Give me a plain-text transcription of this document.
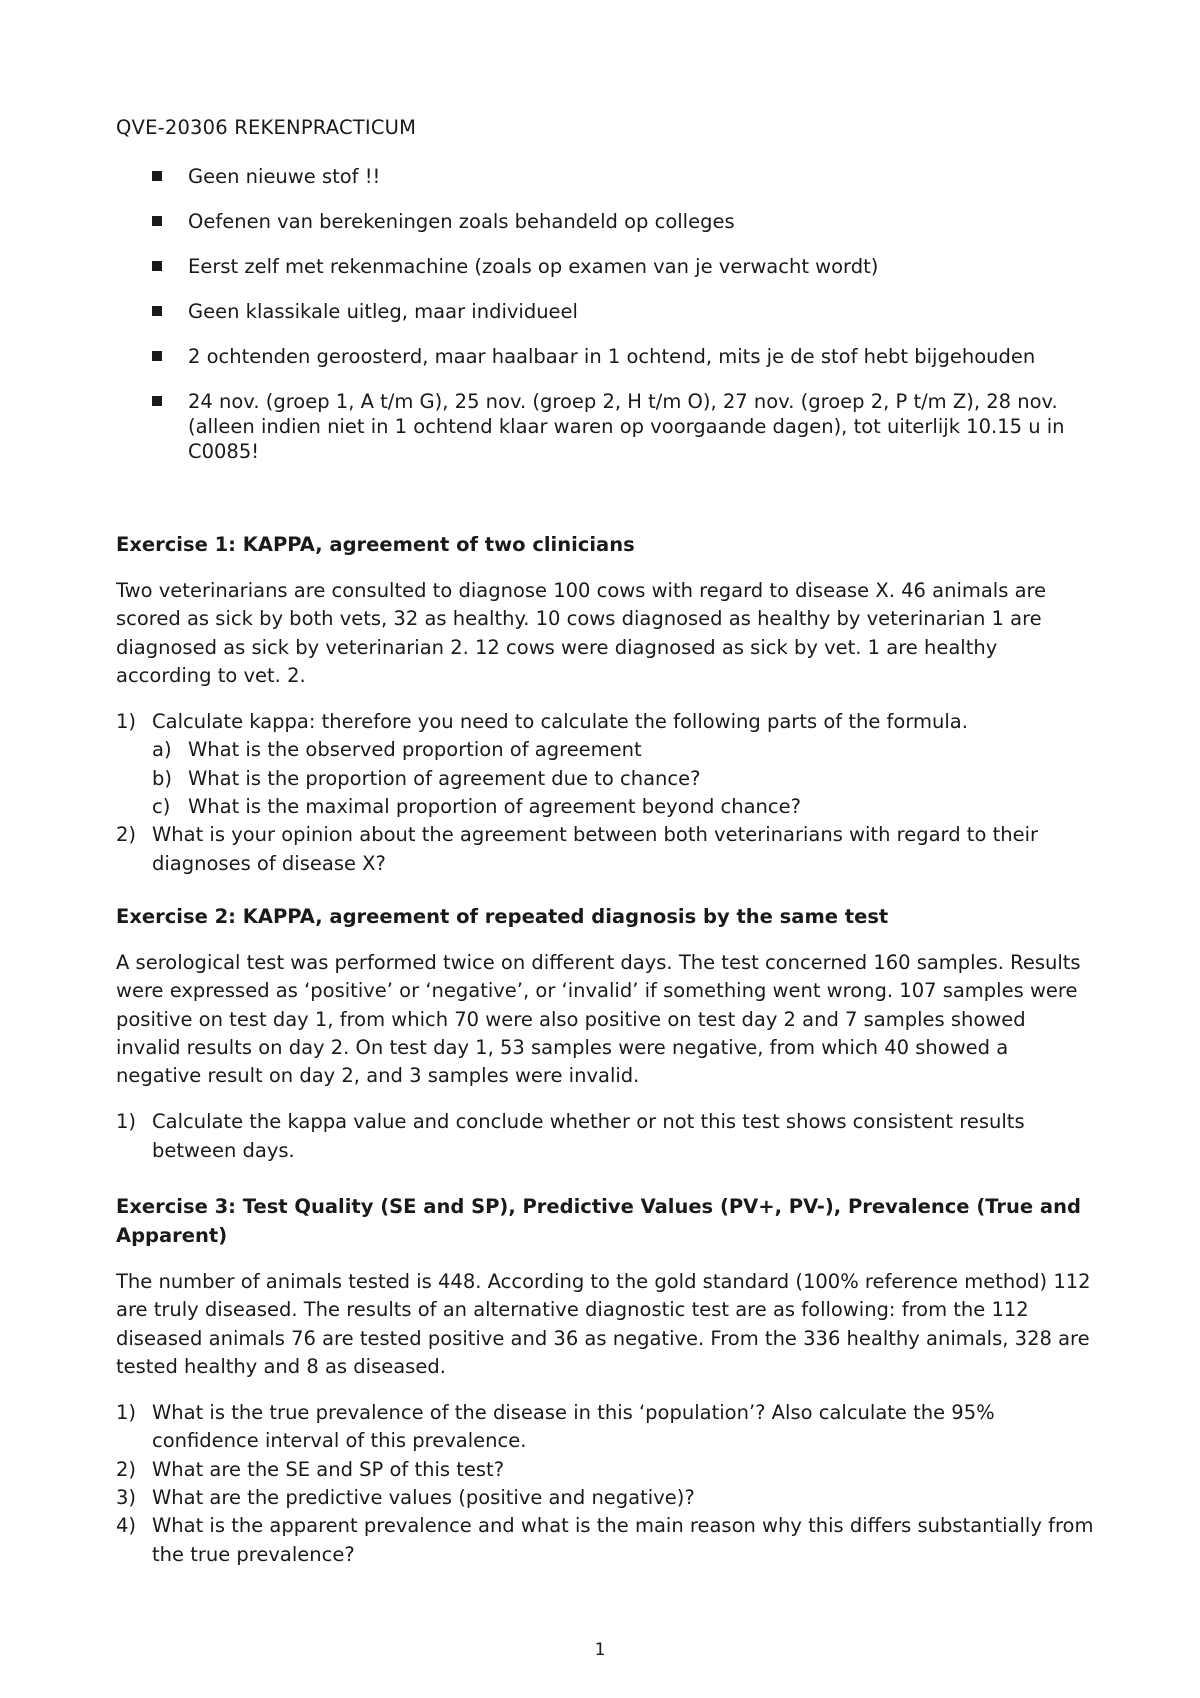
QVE-20306 REKENPRACTICUM
Geen nieuwe stof !!
Oefenen van berekeningen zoals behandeld op colleges
Eerst zelf met rekenmachine (zoals op examen van je verwacht wordt)
Geen klassikale uitleg, maar individueel
2 ochtenden geroosterd, maar haalbaar in 1 ochtend, mits je de stof hebt bijgehouden
24 nov. (groep 1, A t/m G), 25 nov. (groep 2, H t/m O), 27 nov. (groep 2, P t/m Z), 28 nov. (alleen indien niet in 1 ochtend klaar waren op voorgaande dagen), tot uiterlijk 10.15 u in C0085!

Exercise 1: KAPPA, agreement of two clinicians

Two veterinarians are consulted to diagnose 100 cows with regard to disease X. 46 animals are scored as sick by both vets, 32 as healthy. 10 cows diagnosed as healthy by veterinarian 1 are diagnosed as sick by veterinarian 2. 12 cows were diagnosed as sick by vet. 1 are healthy according to vet. 2.

1) Calculate kappa: therefore you need to calculate the following parts of the formula.
a) What is the observed proportion of agreement
b) What is the proportion of agreement due to chance?
c) What is the maximal proportion of agreement beyond chance?
2) What is your opinion about the agreement between both veterinarians with regard to their diagnoses of disease X?

Exercise 2: KAPPA, agreement of repeated diagnosis by the same test

A serological test was performed twice on different days. The test concerned 160 samples. Results were expressed as ‘positive’ or ‘negative’, or ‘invalid’ if something went wrong. 107 samples were positive on test day 1, from which 70 were also positive on test day 2 and 7 samples showed invalid results on day 2. On test day 1, 53 samples were negative, from which 40 showed a negative result on day 2, and 3 samples were invalid.

1) Calculate the kappa value and conclude whether or not this test shows consistent results between days.

Exercise 3: Test Quality (SE and SP), Predictive Values (PV+, PV-), Prevalence (True and Apparent)

The number of animals tested is 448. According to the gold standard (100% reference method) 112 are truly diseased. The results of an alternative diagnostic test are as following: from the 112 diseased animals 76 are tested positive and 36 as negative. From the 336 healthy animals, 328 are tested healthy and 8 as diseased.

1) What is the true prevalence of the disease in this ‘population’? Also calculate the 95% confidence interval of this prevalence.
2) What are the SE and SP of this test?
3) What are the predictive values (positive and negative)?
4) What is the apparent prevalence and what is the main reason why this differs substantially from the true prevalence?
1
